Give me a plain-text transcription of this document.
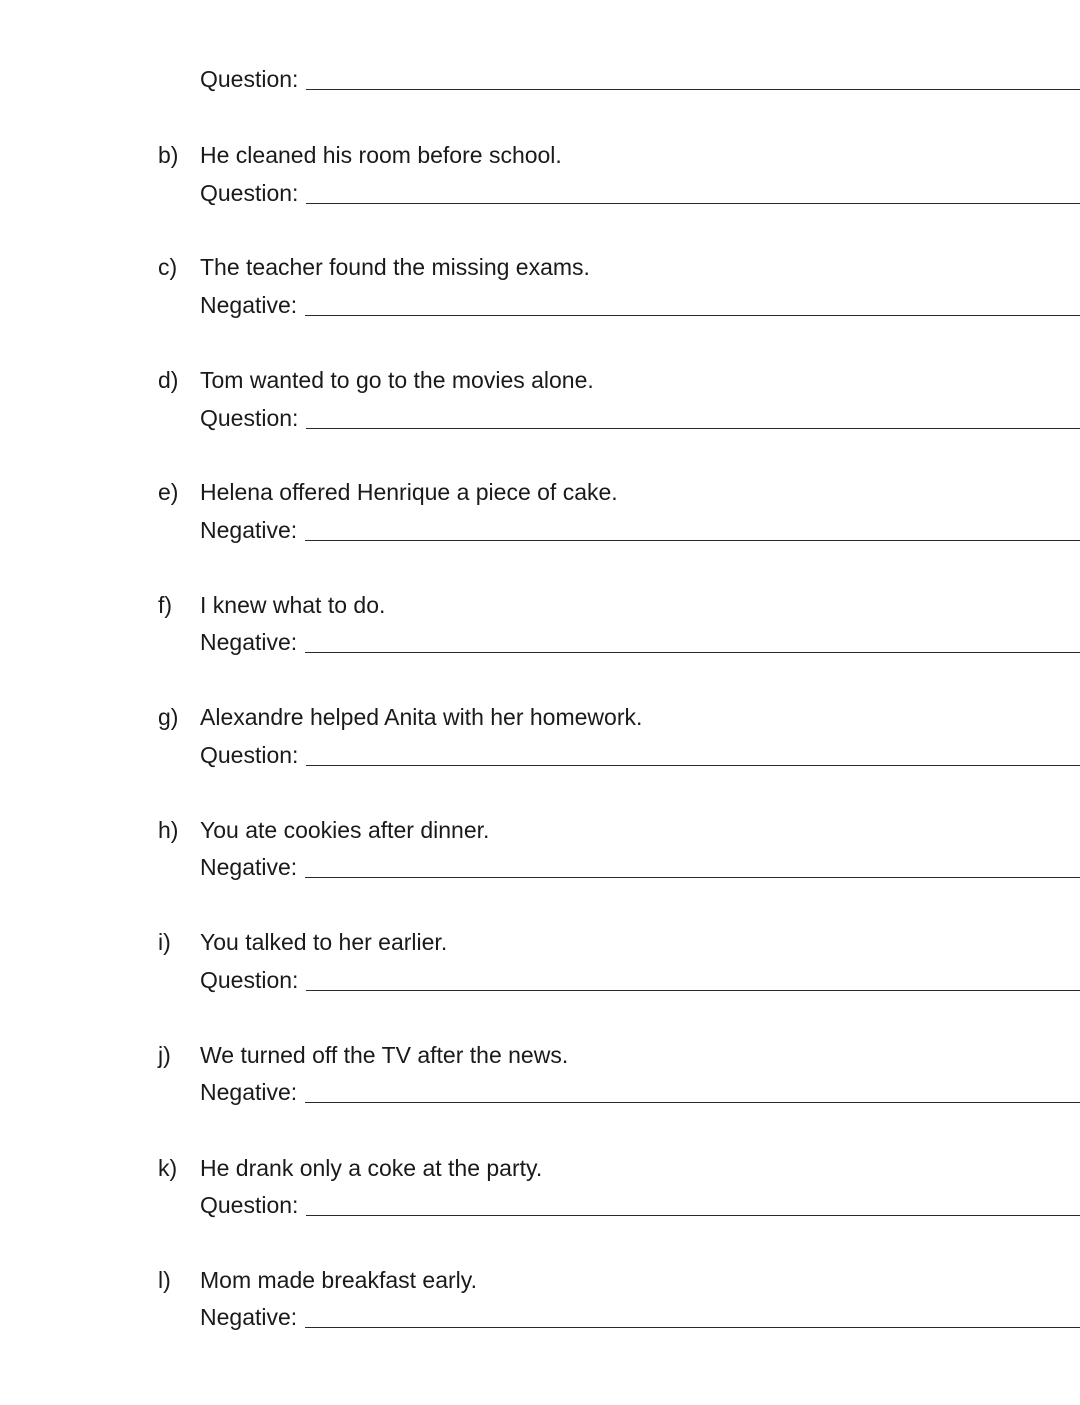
Question:
b) He cleaned his room before school.
Question:
c) The teacher found the missing exams.
Negative:
d) Tom wanted to go to the movies alone.
Question:
e) Helena offered Henrique a piece of cake.
Negative:
f) I knew what to do.
Negative:
g) Alexandre helped Anita with her homework.
Question:
h) You ate cookies after dinner.
Negative:
i) You talked to her earlier.
Question:
j) We turned off the TV after the news.
Negative:
k) He drank only a coke at the party.
Question:
l) Mom made breakfast early.
Negative:
